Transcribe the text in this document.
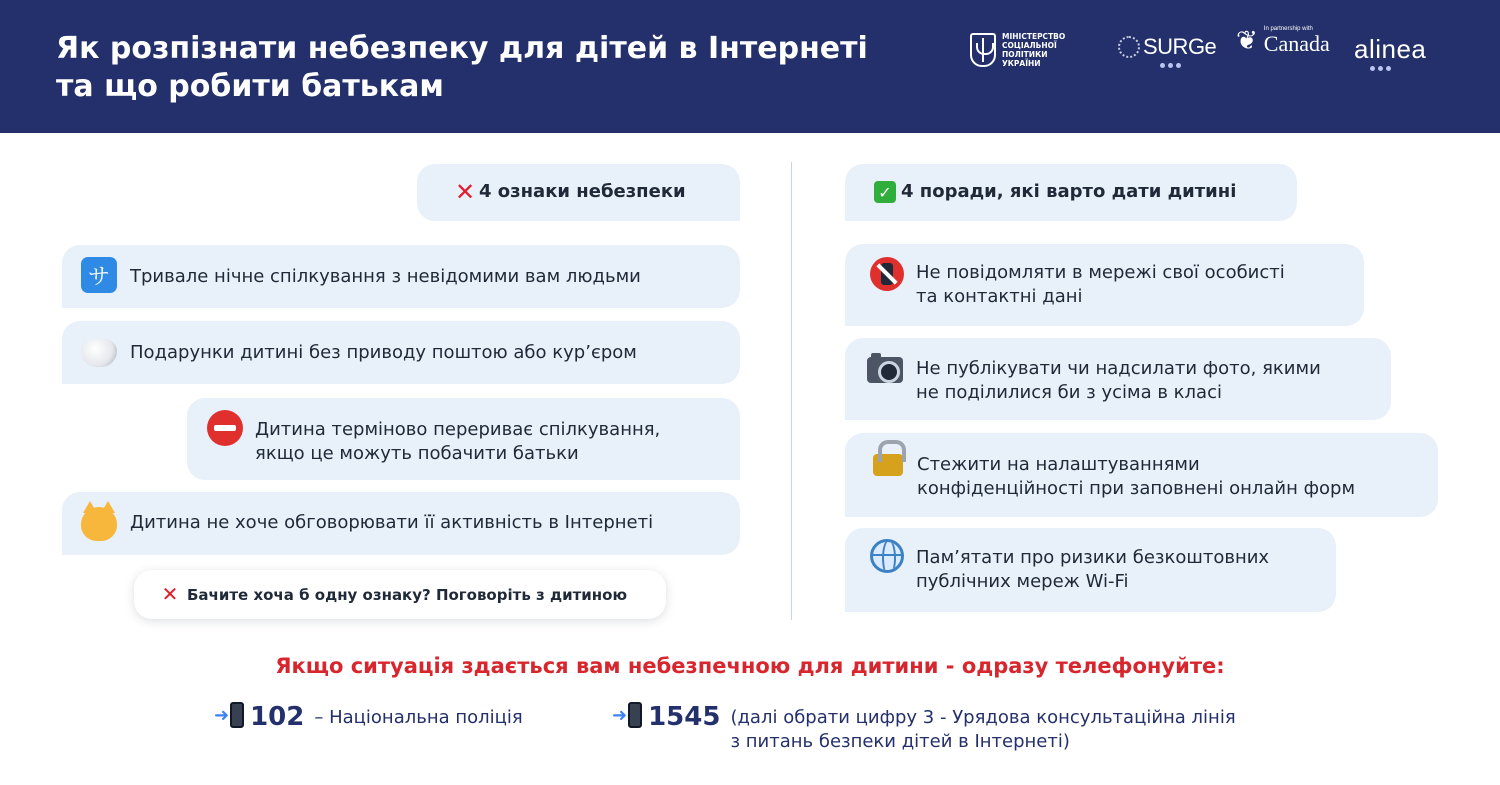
Як розпізнати небезпеку для дітей в Інтернеті
та що робити батькам
МІНІСТЕРСТВО
СОЦІАЛЬНОЇ ПОЛІТИКИ
УКРАЇНИ
SURGe ❦ In partnership with
Canada alinea
✕ 4 ознаки небезпеки
サ	Тривале нічне спілкування з невідомими вам людьми
Подарунки дитині без приводу поштою або кур’єром
Дитина терміново перериває спілкування,
якщо це можуть побачити батьки
Дитина не хоче обговорювати її активність в Інтернеті
✕ Бачите хоча б одну ознаку? Поговоріть з дитиною
✓ 4 поради, які варто дати дитині
Не повідомляти в мережі свої особисті
та контактні дані
Не публікувати чи надсилати фото, якими
не поділилися би з усіма в класі
Стежити на налаштуваннями
конфіденційності при заповнені онлайн форм
Пам’ятати про ризики безкоштовних
публічних мереж Wi-Fi
Якщо ситуація здається вам небезпечною для дитини - одразу телефонуйте:
➜ 102 – Національна поліція	➜ 1545 (далі обрати цифру 3 - Урядова консультаційна лінія
з питань безпеки дітей в Інтернеті)
